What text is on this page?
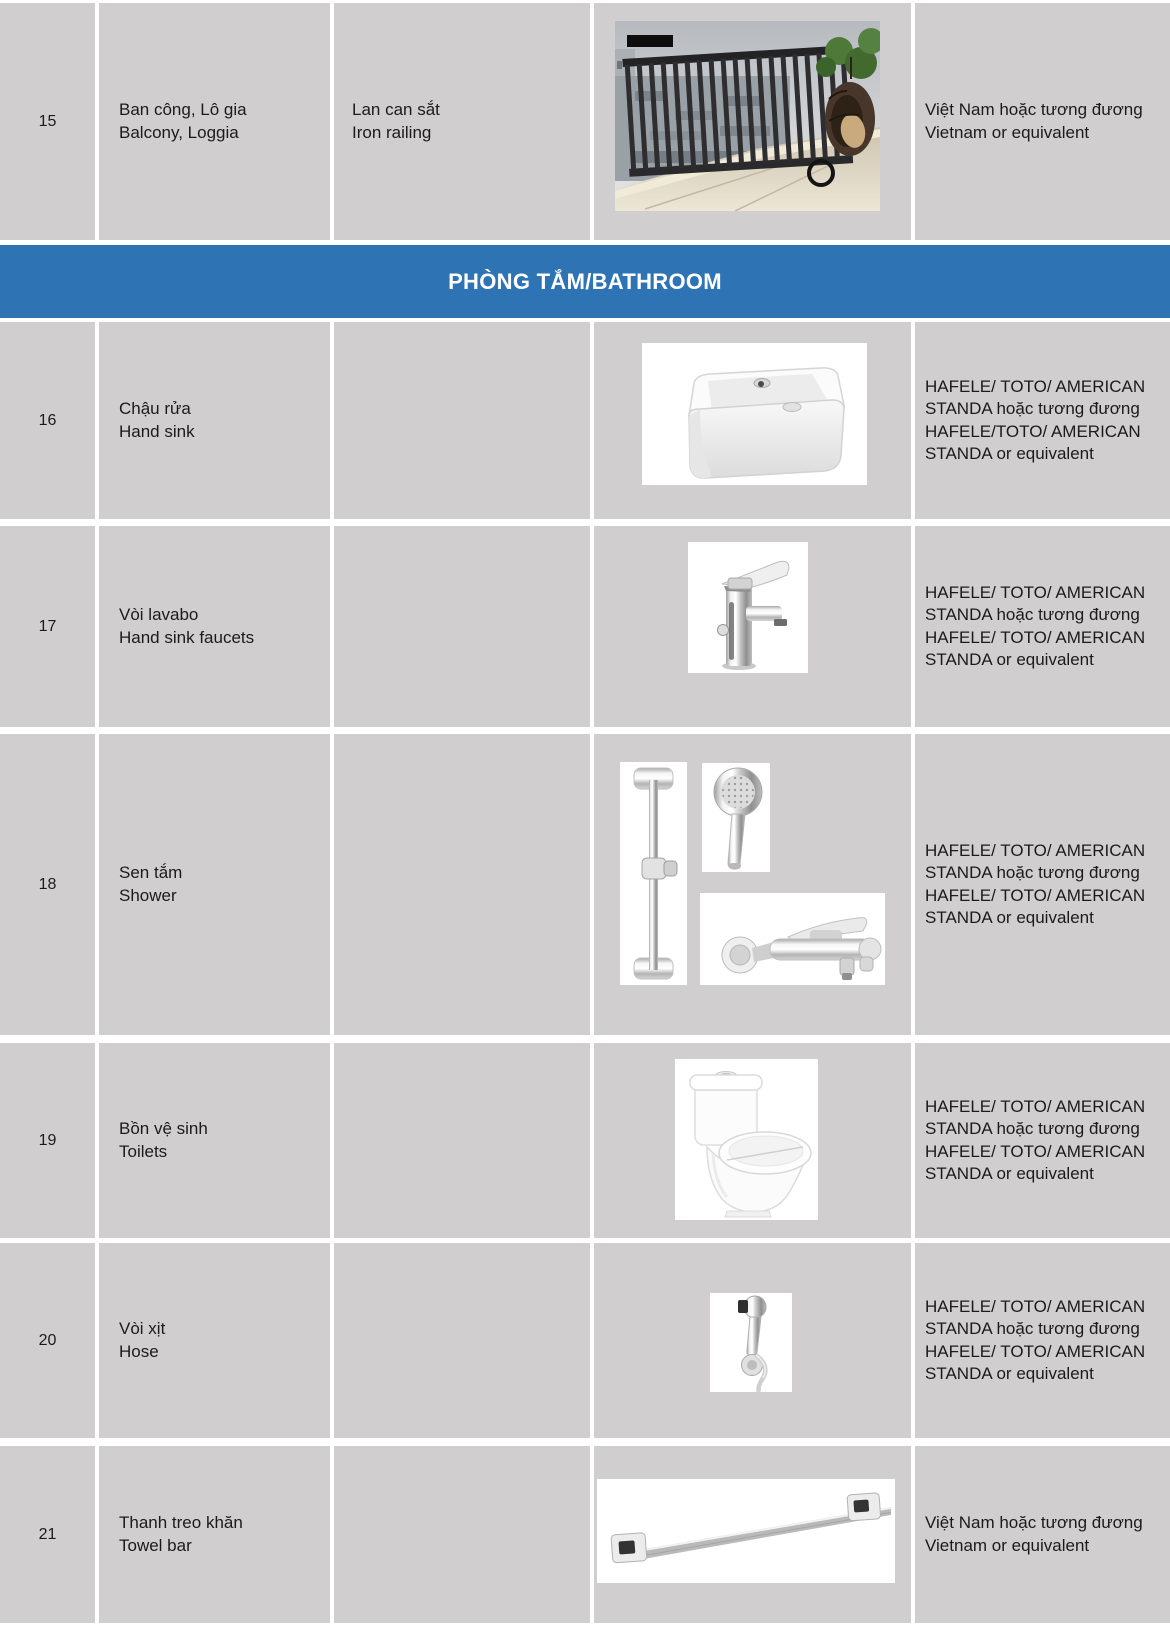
15
Ban công, Lô gia
Balcony, Loggia
Lan can sắt
Iron railing
Việt Nam hoặc tương đương
Vietnam or equivalent
PHÒNG TẮM/BATHROOM
16
Chậu rửa
Hand sink
HAFELE/ TOTO/ AMERICAN
STANDA hoặc tương đương
HAFELE/TOTO/ AMERICAN
STANDA or equivalent
17
Vòi lavabo
Hand sink faucets
HAFELE/ TOTO/ AMERICAN
STANDA hoặc tương đương
HAFELE/ TOTO/ AMERICAN
STANDA or equivalent
18
Sen tắm
Shower
HAFELE/ TOTO/ AMERICAN
STANDA hoặc tương đương
HAFELE/ TOTO/ AMERICAN
STANDA or equivalent
19
Bồn vệ sinh
Toilets
HAFELE/ TOTO/ AMERICAN
STANDA hoặc tương đương
HAFELE/ TOTO/ AMERICAN
STANDA or equivalent
20
Vòi xịt
Hose
HAFELE/ TOTO/ AMERICAN
STANDA hoặc tương đương
HAFELE/ TOTO/ AMERICAN
STANDA or equivalent
21
Thanh treo khăn
Towel bar
Việt Nam hoặc tương đương
Vietnam or equivalent
